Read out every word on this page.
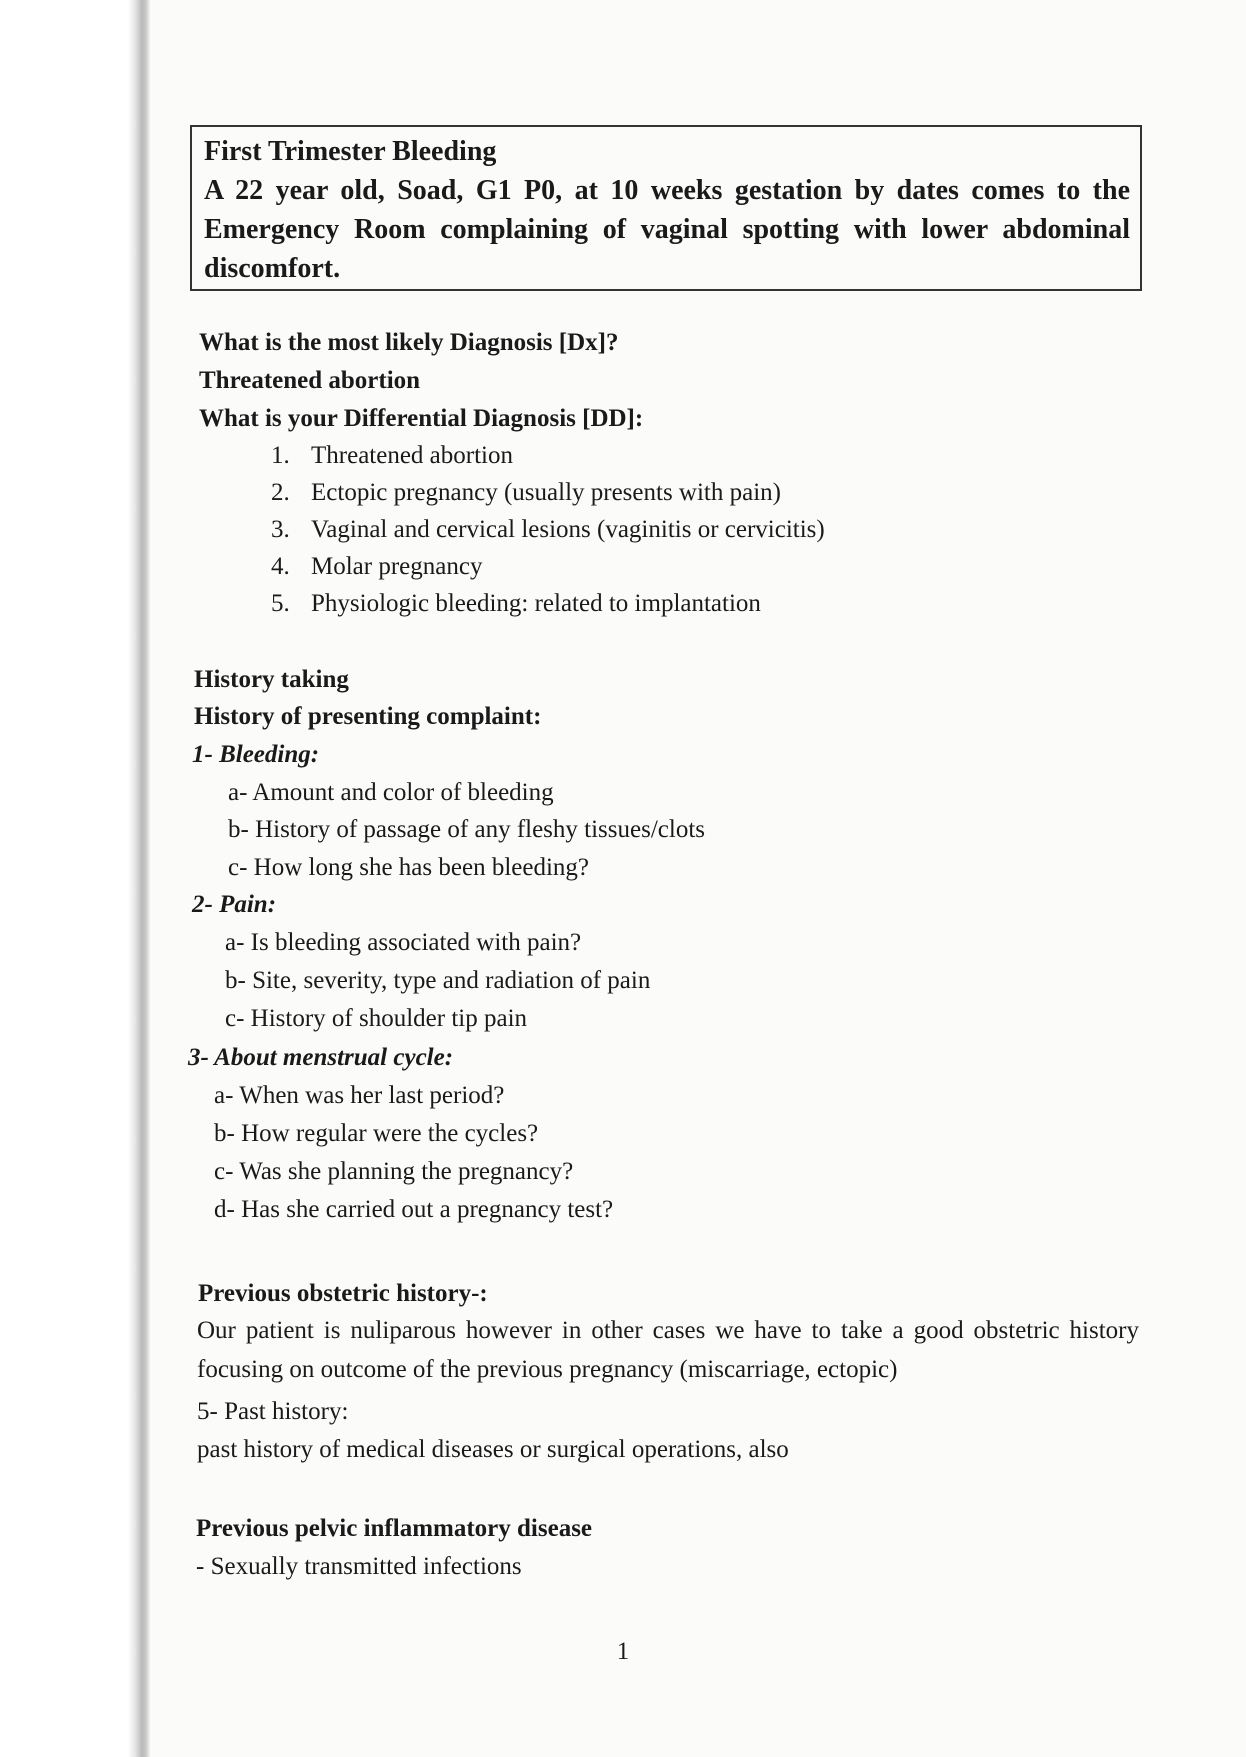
First Trimester Bleeding
A 22 year old, Soad, G1 P0, at 10 weeks gestation by dates comes to the Emergency Room complaining of vaginal spotting with lower abdominal discomfort.
What is the most likely Diagnosis [Dx]?
Threatened abortion
What is your Differential Diagnosis [DD]:
1. Threatened abortion
2. Ectopic pregnancy (usually presents with pain)
3. Vaginal and cervical lesions (vaginitis or cervicitis)
4. Molar pregnancy
5. Physiologic bleeding: related to implantation
History taking
History of presenting complaint:
1- Bleeding:
a- Amount and color of bleeding
b- History of passage of any fleshy tissues/clots
c- How long she has been bleeding?
2- Pain:
a- Is bleeding associated with pain?
b- Site, severity, type and radiation of pain
c- History of shoulder tip pain
3- About menstrual cycle:
a- When was her last period?
b- How regular were the cycles?
c- Was she planning the pregnancy?
d- Has she carried out a pregnancy test?
Previous obstetric history-:
Our patient is nuliparous however in other cases we have to take a good obstetric history focusing on outcome of the previous pregnancy (miscarriage, ectopic)
5- Past history:
past history of medical diseases or surgical operations, also
Previous pelvic inflammatory disease
- Sexually transmitted infections
1
